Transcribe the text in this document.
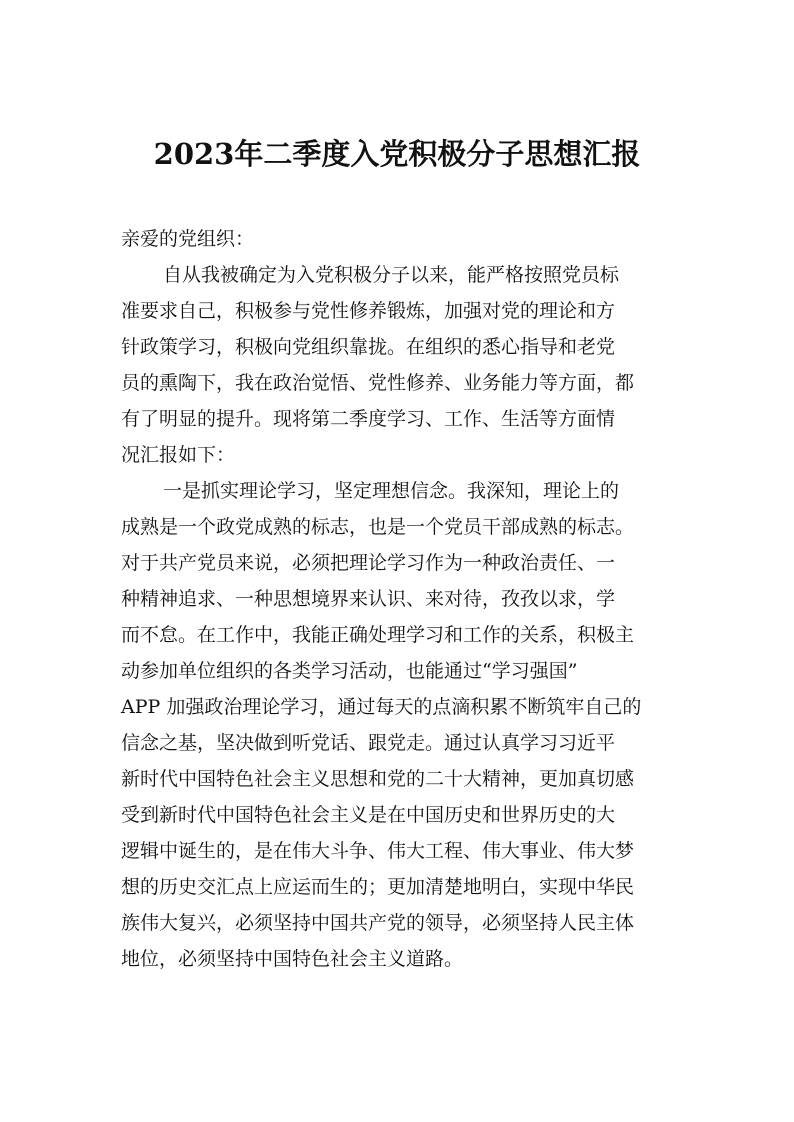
2023年二季度入党积极分子思想汇报
亲爱的党组织：
自从我被确定为入党积极分子以来，能严格按照党员标
准要求自己，积极参与党性修养锻炼，加强对党的理论和方
针政策学习，积极向党组织靠拢。在组织的悉心指导和老党
员的熏陶下，我在政治觉悟、党性修养、业务能力等方面，都
有了明显的提升。现将第二季度学习、工作、生活等方面情
况汇报如下：
一是抓实理论学习，坚定理想信念。我深知，理论上的
成熟是一个政党成熟的标志，也是一个党员干部成熟的标志。
对于共产党员来说，必须把理论学习作为一种政治责任、一
种精神追求、一种思想境界来认识、来对待，孜孜以求，学
而不怠。在工作中，我能正确处理学习和工作的关系，积极主
动参加单位组织的各类学习活动，也能通过“学习强国”
APP 加强政治理论学习，通过每天的点滴积累不断筑牢自己的
信念之基，坚决做到听党话、跟党走。通过认真学习习近平
新时代中国特色社会主义思想和党的二十大精神，更加真切感
受到新时代中国特色社会主义是在中国历史和世界历史的大
逻辑中诞生的，是在伟大斗争、伟大工程、伟大事业、伟大梦
想的历史交汇点上应运而生的；更加清楚地明白，实现中华民
族伟大复兴，必须坚持中国共产党的领导，必须坚持人民主体
地位，必须坚持中国特色社会主义道路。
